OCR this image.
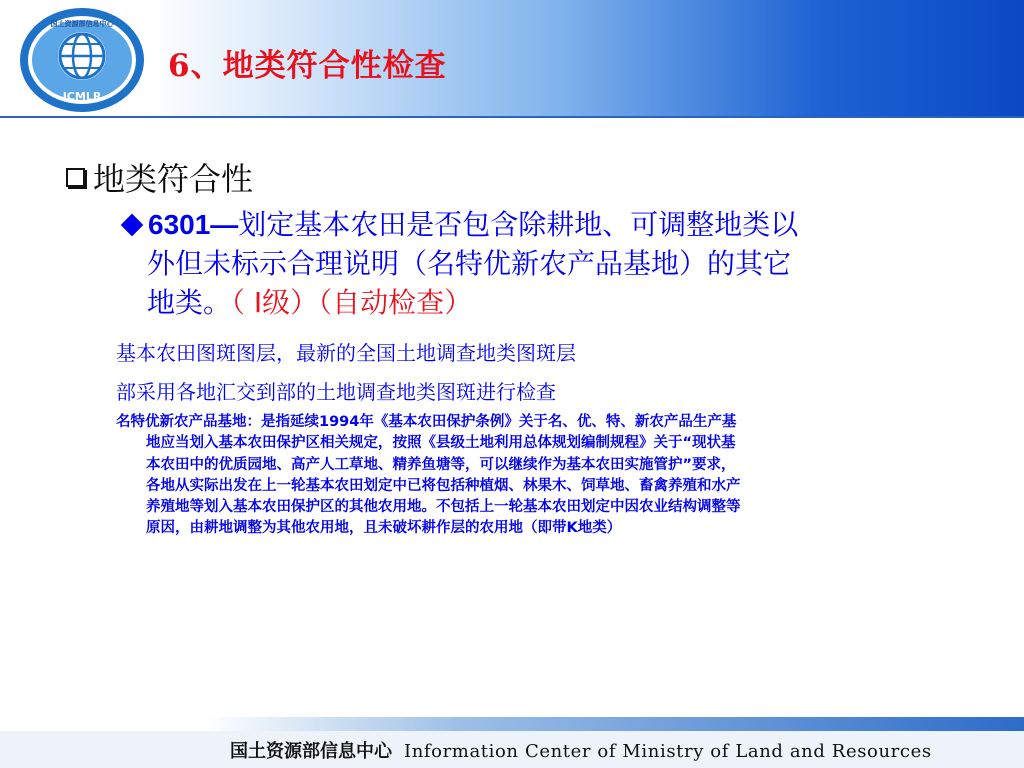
ICMLR
国土资源部信息中心
6、地类符合性检查
地类符合性
6301—划定基本农田是否包含除耕地、可调整地类以
外但未标示合理说明（名特优新农产品基地）的其它
地类。（ Ⅰ级）（自动检查）
基本农田图斑图层，最新的全国土地调查地类图斑层
部采用各地汇交到部的土地调查地类图斑进行检查
名特优新农产品基地：是指延续1994年《基本农田保护条例》关于名、优、特、新农产品生产基
地应当划入基本农田保护区相关规定，按照《县级土地利用总体规划编制规程》关于“现状基
本农田中的优质园地、高产人工草地、精养鱼塘等，可以继续作为基本农田实施管护”要求，
各地从实际出发在上一轮基本农田划定中已将包括种植烟、林果木、饲草地、畜禽养殖和水产
养殖地等划入基本农田保护区的其他农用地。不包括上一轮基本农田划定中因农业结构调整等
原因，由耕地调整为其他农用地，且未破坏耕作层的农用地（即带K地类）
国土资源部信息中心 Information Center of Ministry of Land and Resources
